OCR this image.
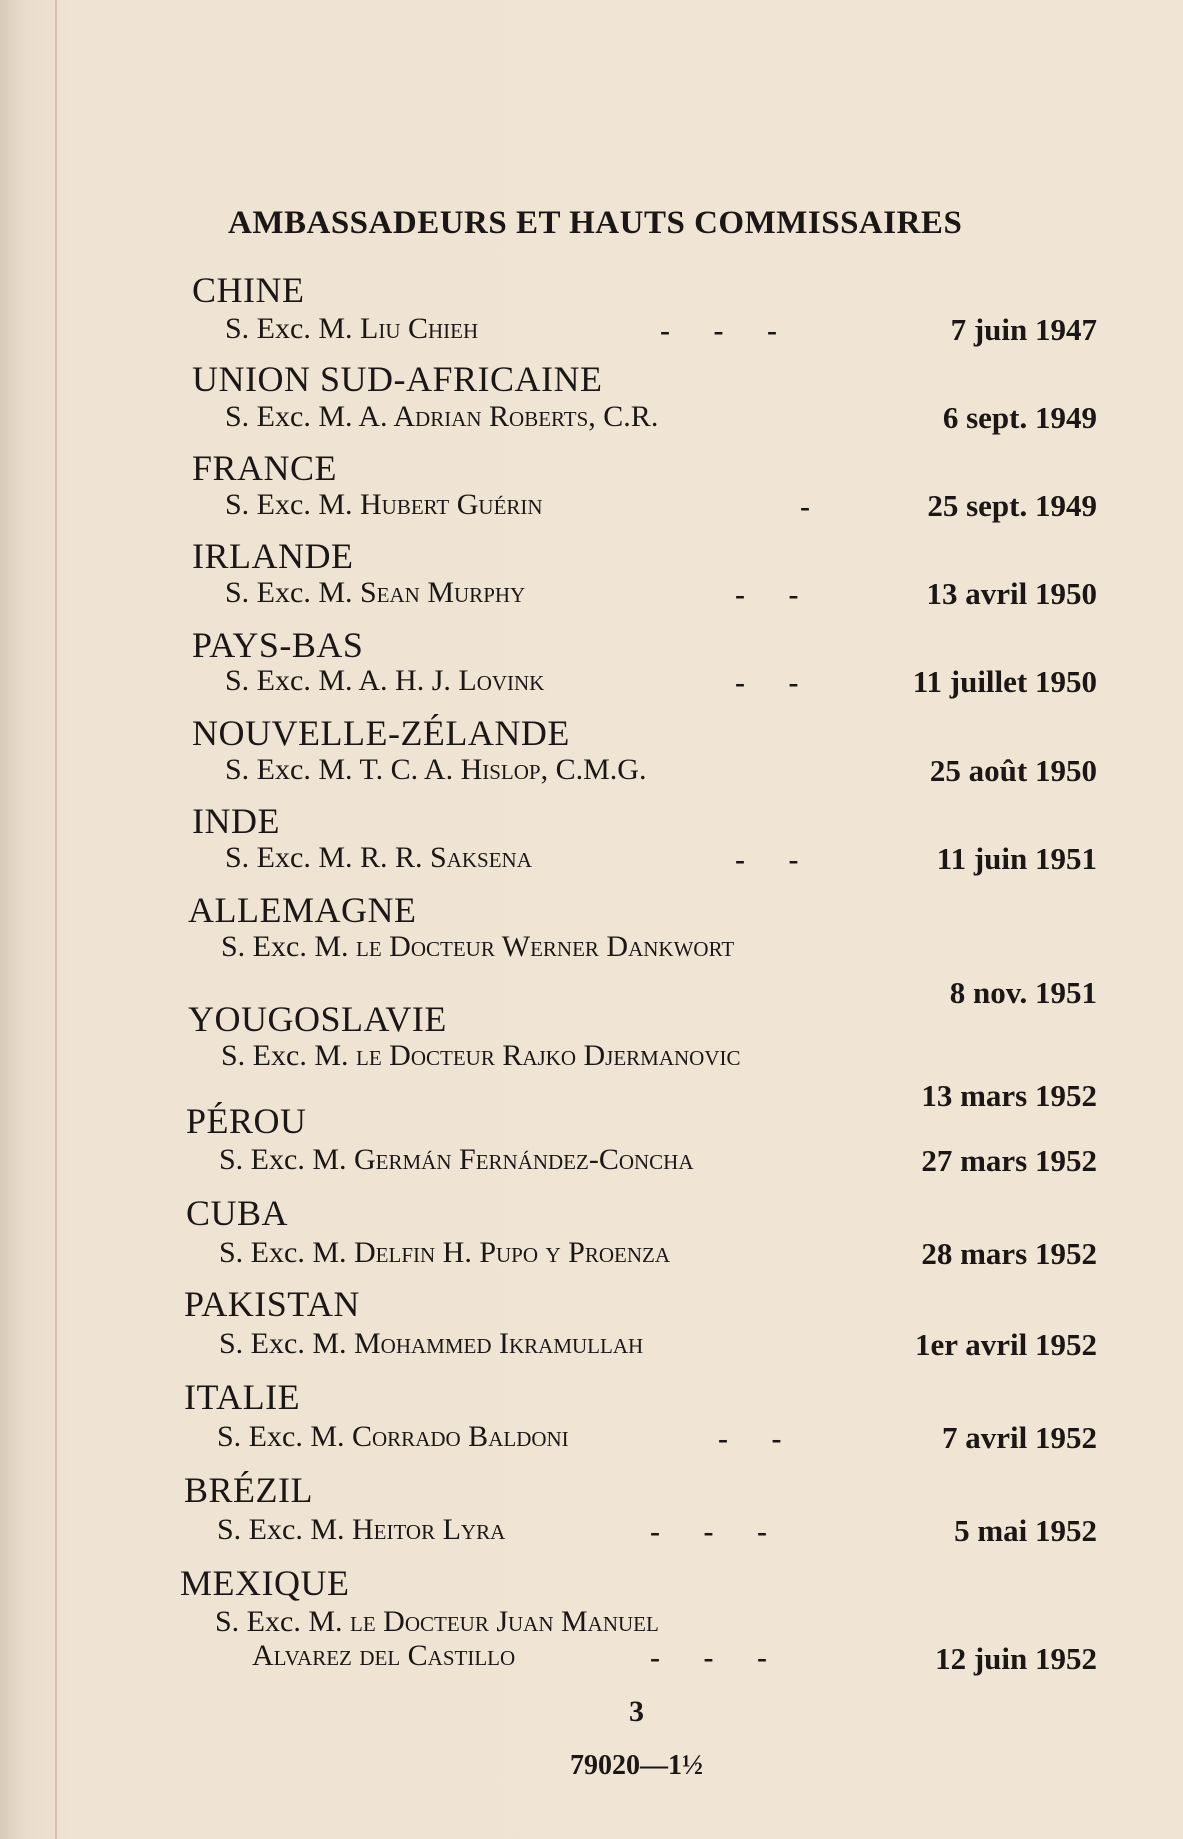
AMBASSADEURS ET HAUTS COMMISSAIRES
CHINE
S. Exc. M. Liu Chieh	- - -	7 juin 1947
UNION SUD-AFRICAINE
S. Exc. M. A. Adrian Roberts, C.R.	6 sept. 1949
FRANCE
S. Exc. M. Hubert Guérin	-	25 sept. 1949
IRLANDE
S. Exc. M. Sean Murphy	- -	13 avril 1950
PAYS-BAS
S. Exc. M. A. H. J. Lovink	- -	11 juillet 1950
NOUVELLE-ZÉLANDE
S. Exc. M. T. C. A. Hislop, C.M.G.	25 août 1950
INDE
S. Exc. M. R. R. Saksena	- -	11 juin 1951
ALLEMAGNE
S. Exc. M. le Docteur Werner Dankwort
8 nov. 1951
YOUGOSLAVIE
S. Exc. M. le Docteur Rajko Djermanovic
13 mars 1952
PÉROU
S. Exc. M. Germán Fernández-Concha	27 mars 1952
CUBA
S. Exc. M. Delfin H. Pupo y Proenza	28 mars 1952
PAKISTAN
S. Exc. M. Mohammed Ikramullah	1er avril 1952
ITALIE
S. Exc. M. Corrado Baldoni	- -	7 avril 1952
BRÉZIL
S. Exc. M. Heitor Lyra	- - -	5 mai 1952
MEXIQUE
S. Exc. M. le Docteur Juan Manuel
Alvarez del Castillo	- - -	12 juin 1952
3
79020—1½
